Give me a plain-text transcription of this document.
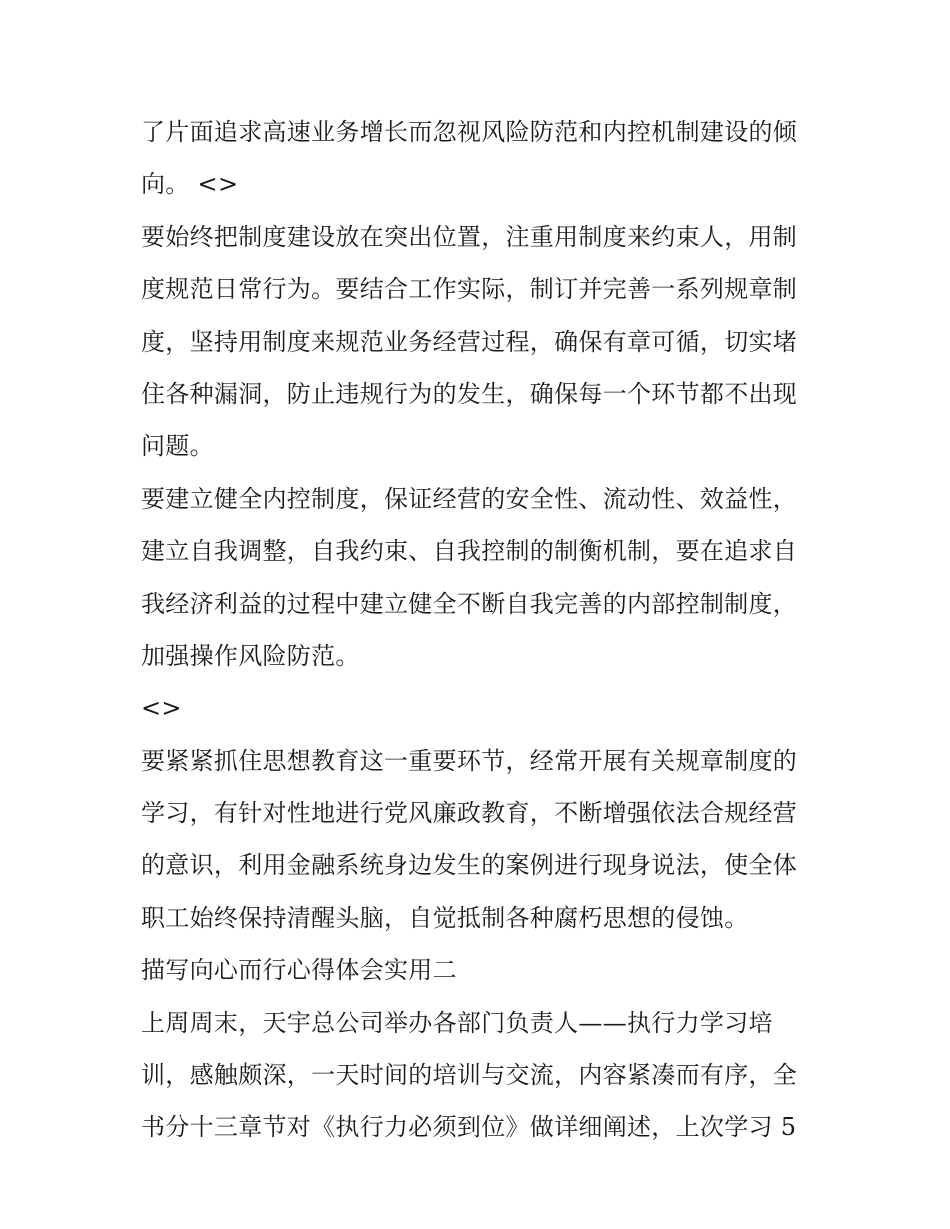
了片面追求高速业务增长而忽视风险防范和内控机制建设的倾
向。 <>
要始终把制度建设放在突出位置，注重用制度来约束人，用制
度规范日常行为。要结合工作实际，制订并完善一系列规章制
度，坚持用制度来规范业务经营过程，确保有章可循，切实堵
住各种漏洞，防止违规行为的发生，确保每一个环节都不出现
问题。
要建立健全内控制度，保证经营的安全性、流动性、效益性，
建立自我调整，自我约束、自我控制的制衡机制，要在追求自
我经济利益的过程中建立健全不断自我完善的内部控制制度，
加强操作风险防范。
<>
要紧紧抓住思想教育这一重要环节，经常开展有关规章制度的
学习，有针对性地进行党风廉政教育，不断增强依法合规经营
的意识，利用金融系统身边发生的案例进行现身说法，使全体
职工始终保持清醒头脑，自觉抵制各种腐朽思想的侵蚀。
描写向心而行心得体会实用二
上周周末，天宇总公司举办各部门负责人——执行力学习培
训，感触颇深，一天时间的培训与交流，内容紧凑而有序，全
书分十三章节对《执行力必须到位》做详细阐述，上次学习 5
